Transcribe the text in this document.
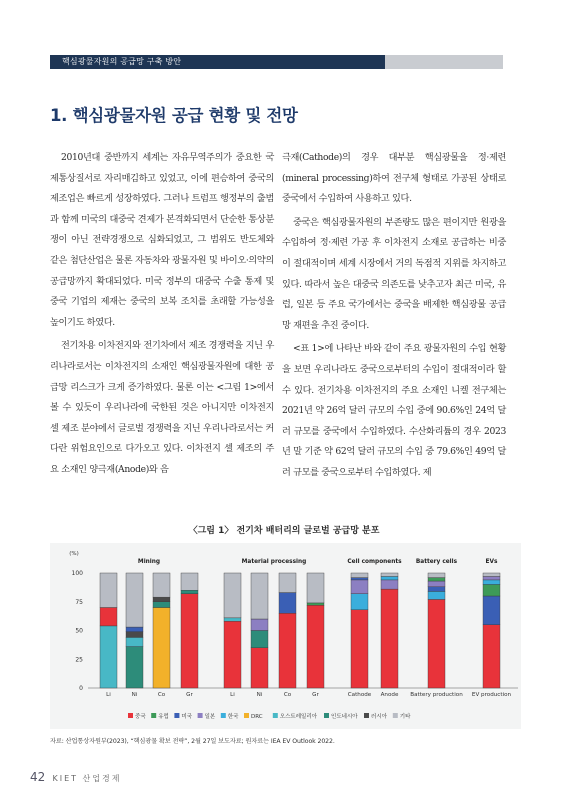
핵심광물자원의 공급망 구축 방안
1. 핵심광물자원 공급 현황 및 전망

2010년대 중반까지 세계는 자유무역주의가 중요한 국제통상질서로 자리매김하고 있었고, 이에 편승하여 중국의 제조업은 빠르게 성장하였다. 그러나 트럼프 행정부의 출범과 함께 미국의 대중국 견제가 본격화되면서 단순한 통상분쟁이 아닌 전략경쟁으로 심화되었고, 그 범위도 반도체와 같은 첨단산업은 물론 자동차와 광물자원 및 바이오·의약의 공급망까지 확대되었다. 미국 정부의 대중국 수출 통제 및 중국 기업의 제재는 중국의 보복 조치를 초래할 가능성을 높이기도 하였다.

전기차용 이차전지와 전기차에서 제조 경쟁력을 지닌 우리나라로서는 이차전지의 소재인 핵심광물자원에 대한 공급망 리스크가 크게 증가하였다. 물론 이는 <그림 1>에서 볼 수 있듯이 우리나라에 국한된 것은 아니지만 이차전지 셀 제조 분야에서 글로벌 경쟁력을 지닌 우리나라로서는 커다란 위험요인으로 다가오고 있다. 이차전지 셀 제조의 주요 소재인 양극재(Anode)와 음

극재(Cathode)의 경우 대부분 핵심광물을 정·제련(mineral processing)하여 전구체 형태로 가공된 상태로 중국에서 수입하여 사용하고 있다.

중국은 핵심광물자원의 부존량도 많은 편이지만 원광을 수입하여 정·제련 가공 후 이차전지 소재로 공급하는 비중이 절대적이며 세계 시장에서 거의 독점적 지위를 차지하고 있다. 따라서 높은 대중국 의존도를 낮추고자 최근 미국, 유럽, 일본 등 주요 국가에서는 중국을 배제한 핵심광물 공급망 재편을 추진 중이다.

<표 1>에 나타난 바와 같이 주요 광물자원의 수입 현황을 보면 우리나라도 중국으로부터의 수입이 절대적이라 할 수 있다. 전기차용 이차전지의 주요 소재인 니켈 전구체는 2021년 약 26억 달러 규모의 수입 중에 90.6%인 24억 달러 규모를 중국에서 수입하였다. 수산화리튬의 경우 2023년 말 기준 약 62억 달러 규모의 수입 중 79.6%인 49억 달러 규모를 중국으로부터 수입하였다. 제

〈그림 1〉 전기차 배터리의 글로벌 공급망 분포
(%)
0
25
50
75
100
Mining	Material processing	Cell components Battery cells	EVs
Li	Ni	Co	Gr	Li	Ni	Co	Gr	Cathode Anode Battery production EV production
중국 유럽 미국 일본 한국 DRC	오스트레일리아	인도네시아 러시아 기타
자료: 산업통상자원부(2023), “핵심광물 확보 전략”, 2월 27일 보도자료; 원자료는 IEA EV Outlook 2022.
42 KIET 산업경제
